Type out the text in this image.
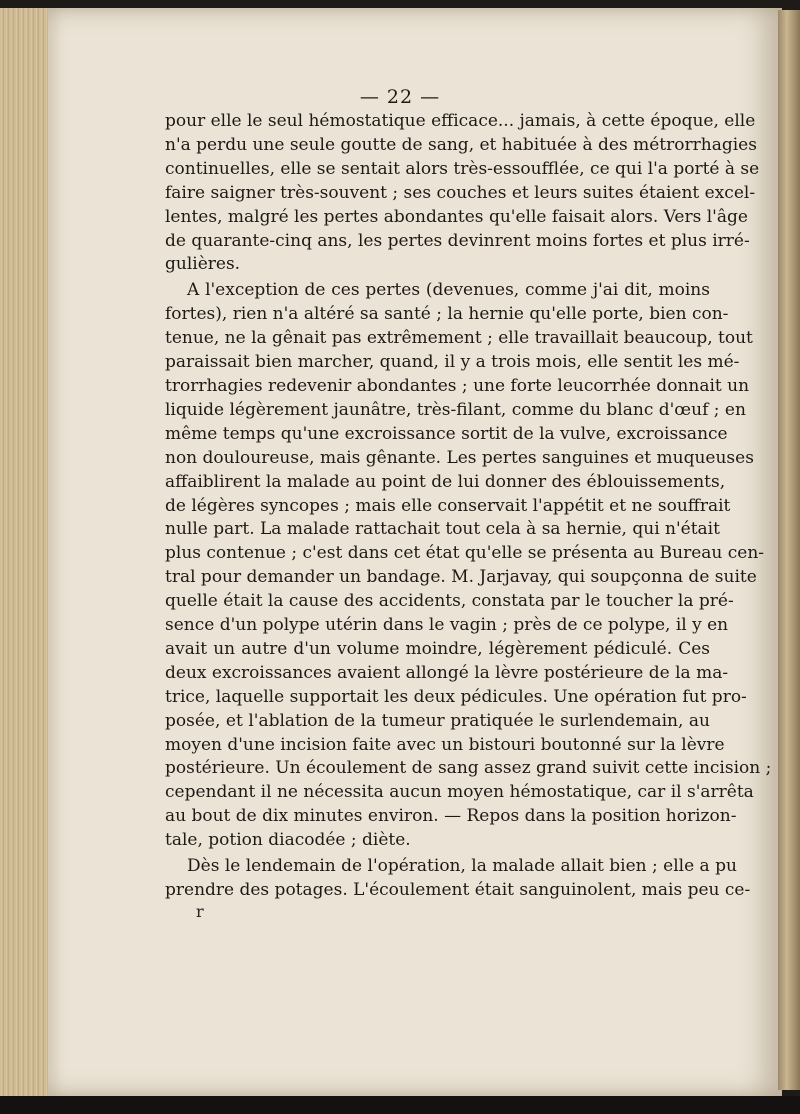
— 22 —
pour elle le seul hémostatique efficace... jamais, à cette époque, elle
n'a perdu une seule goutte de sang, et habituée à des métrorrhagies
continuelles, elle se sentait alors très-essoufflée, ce qui l'a porté à se
faire saigner très-souvent ; ses couches et leurs suites étaient excel-
lentes, malgré les pertes abondantes qu'elle faisait alors. Vers l'âge
de quarante-cinq ans, les pertes devinrent moins fortes et plus irré-
gulières.
A l'exception de ces pertes (devenues, comme j'ai dit, moins
fortes), rien n'a altéré sa santé ; la hernie qu'elle porte, bien con-
tenue, ne la gênait pas extrêmement ; elle travaillait beaucoup, tout
paraissait bien marcher, quand, il y a trois mois, elle sentit les mé-
trorrhagies redevenir abondantes ; une forte leucorrhée donnait un
liquide légèrement jaunâtre, très-filant, comme du blanc d'œuf ; en
même temps qu'une excroissance sortit de la vulve, excroissance
non douloureuse, mais gênante. Les pertes sanguines et muqueuses
affaiblirent la malade au point de lui donner des éblouissements,
de légères syncopes ; mais elle conservait l'appétit et ne souffrait
nulle part. La malade rattachait tout cela à sa hernie, qui n'était
plus contenue ; c'est dans cet état qu'elle se présenta au Bureau cen-
tral pour demander un bandage. M. Jarjavay, qui soupçonna de suite
quelle était la cause des accidents, constata par le toucher la pré-
sence d'un polype utérin dans le vagin ; près de ce polype, il y en
avait un autre d'un volume moindre, légèrement pédiculé. Ces
deux excroissances avaient allongé la lèvre postérieure de la ma-
trice, laquelle supportait les deux pédicules. Une opération fut pro-
posée, et l'ablation de la tumeur pratiquée le surlendemain, au
moyen d'une incision faite avec un bistouri boutonné sur la lèvre
postérieure. Un écoulement de sang assez grand suivit cette incision ;
cependant il ne nécessita aucun moyen hémostatique, car il s'arrêta
au bout de dix minutes environ. — Repos dans la position horizon-
tale, potion diacodée ; diète.
Dès le lendemain de l'opération, la malade allait bien ; elle a pu
prendre des potages. L'écoulement était sanguinolent, mais peu ce-
r
